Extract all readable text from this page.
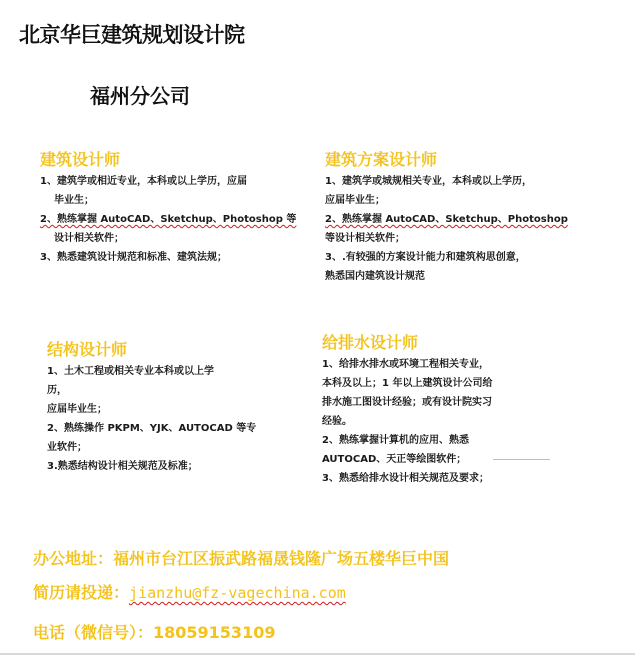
北京华巨建筑规划设计院
福州分公司
建筑设计师

1、建筑学或相近专业，本科或以上学历，应届

毕业生；

2、熟练掌握 AutoCAD、Sketchup、Photoshop 等

设计相关软件；

3、熟悉建筑设计规范和标准、建筑法规；

建筑方案设计师

1、建筑学或城规相关专业，本科或以上学历，

应届毕业生；

2、熟练掌握 AutoCAD、Sketchup、Photoshop

等设计相关软件；

3、.有较强的方案设计能力和建筑构思创意，

熟悉国内建筑设计规范

结构设计师

1、土木工程或相关专业本科或以上学

历，

应届毕业生；

2、熟练操作 PKPM、YJK、AUTOCAD 等专

业软件；

3.熟悉结构设计相关规范及标准；

给排水设计师

1、给排水排水或环境工程相关专业，

本科及以上；1 年以上建筑设计公司给

排水施工图设计经验；或有设计院实习

经验。

2、熟练掌握计算机的应用、熟悉

AUTOCAD、天正等绘图软件；

3、熟悉给排水设计相关规范及要求；

办公地址：福州市台江区振武路福晟钱隆广场五楼华巨中国
简历请投递：jianzhu@fz-vagechina.com
电话（微信号）：18059153109
